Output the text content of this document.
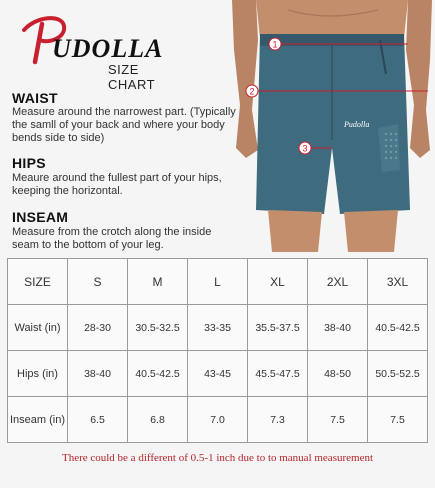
UDOLLA
SIZE CHART
WAIST
Measure around the narrowest part. (Typically the samll of your back and where your body bends side to side)
HIPS
Meaure around the fullest part of your hips, keeping the horizontal.
INSEAM
Measure from the crotch along the inside seam to the bottom of your leg.
1
2
3
Pudolla
SIZE	S	M	L	XL	2XL	3XL
Waist (in)	28-30	30.5-32.5	33-35	35.5-37.5	38-40	40.5-42.5
Hips (in)	38-40	40.5-42.5	43-45	45.5-47.5	48-50	50.5-52.5
Inseam (in)	6.5	6.8	7.0	7.3	7.5	7.5
There could be a different of 0.5-1 inch due to to manual measurement
